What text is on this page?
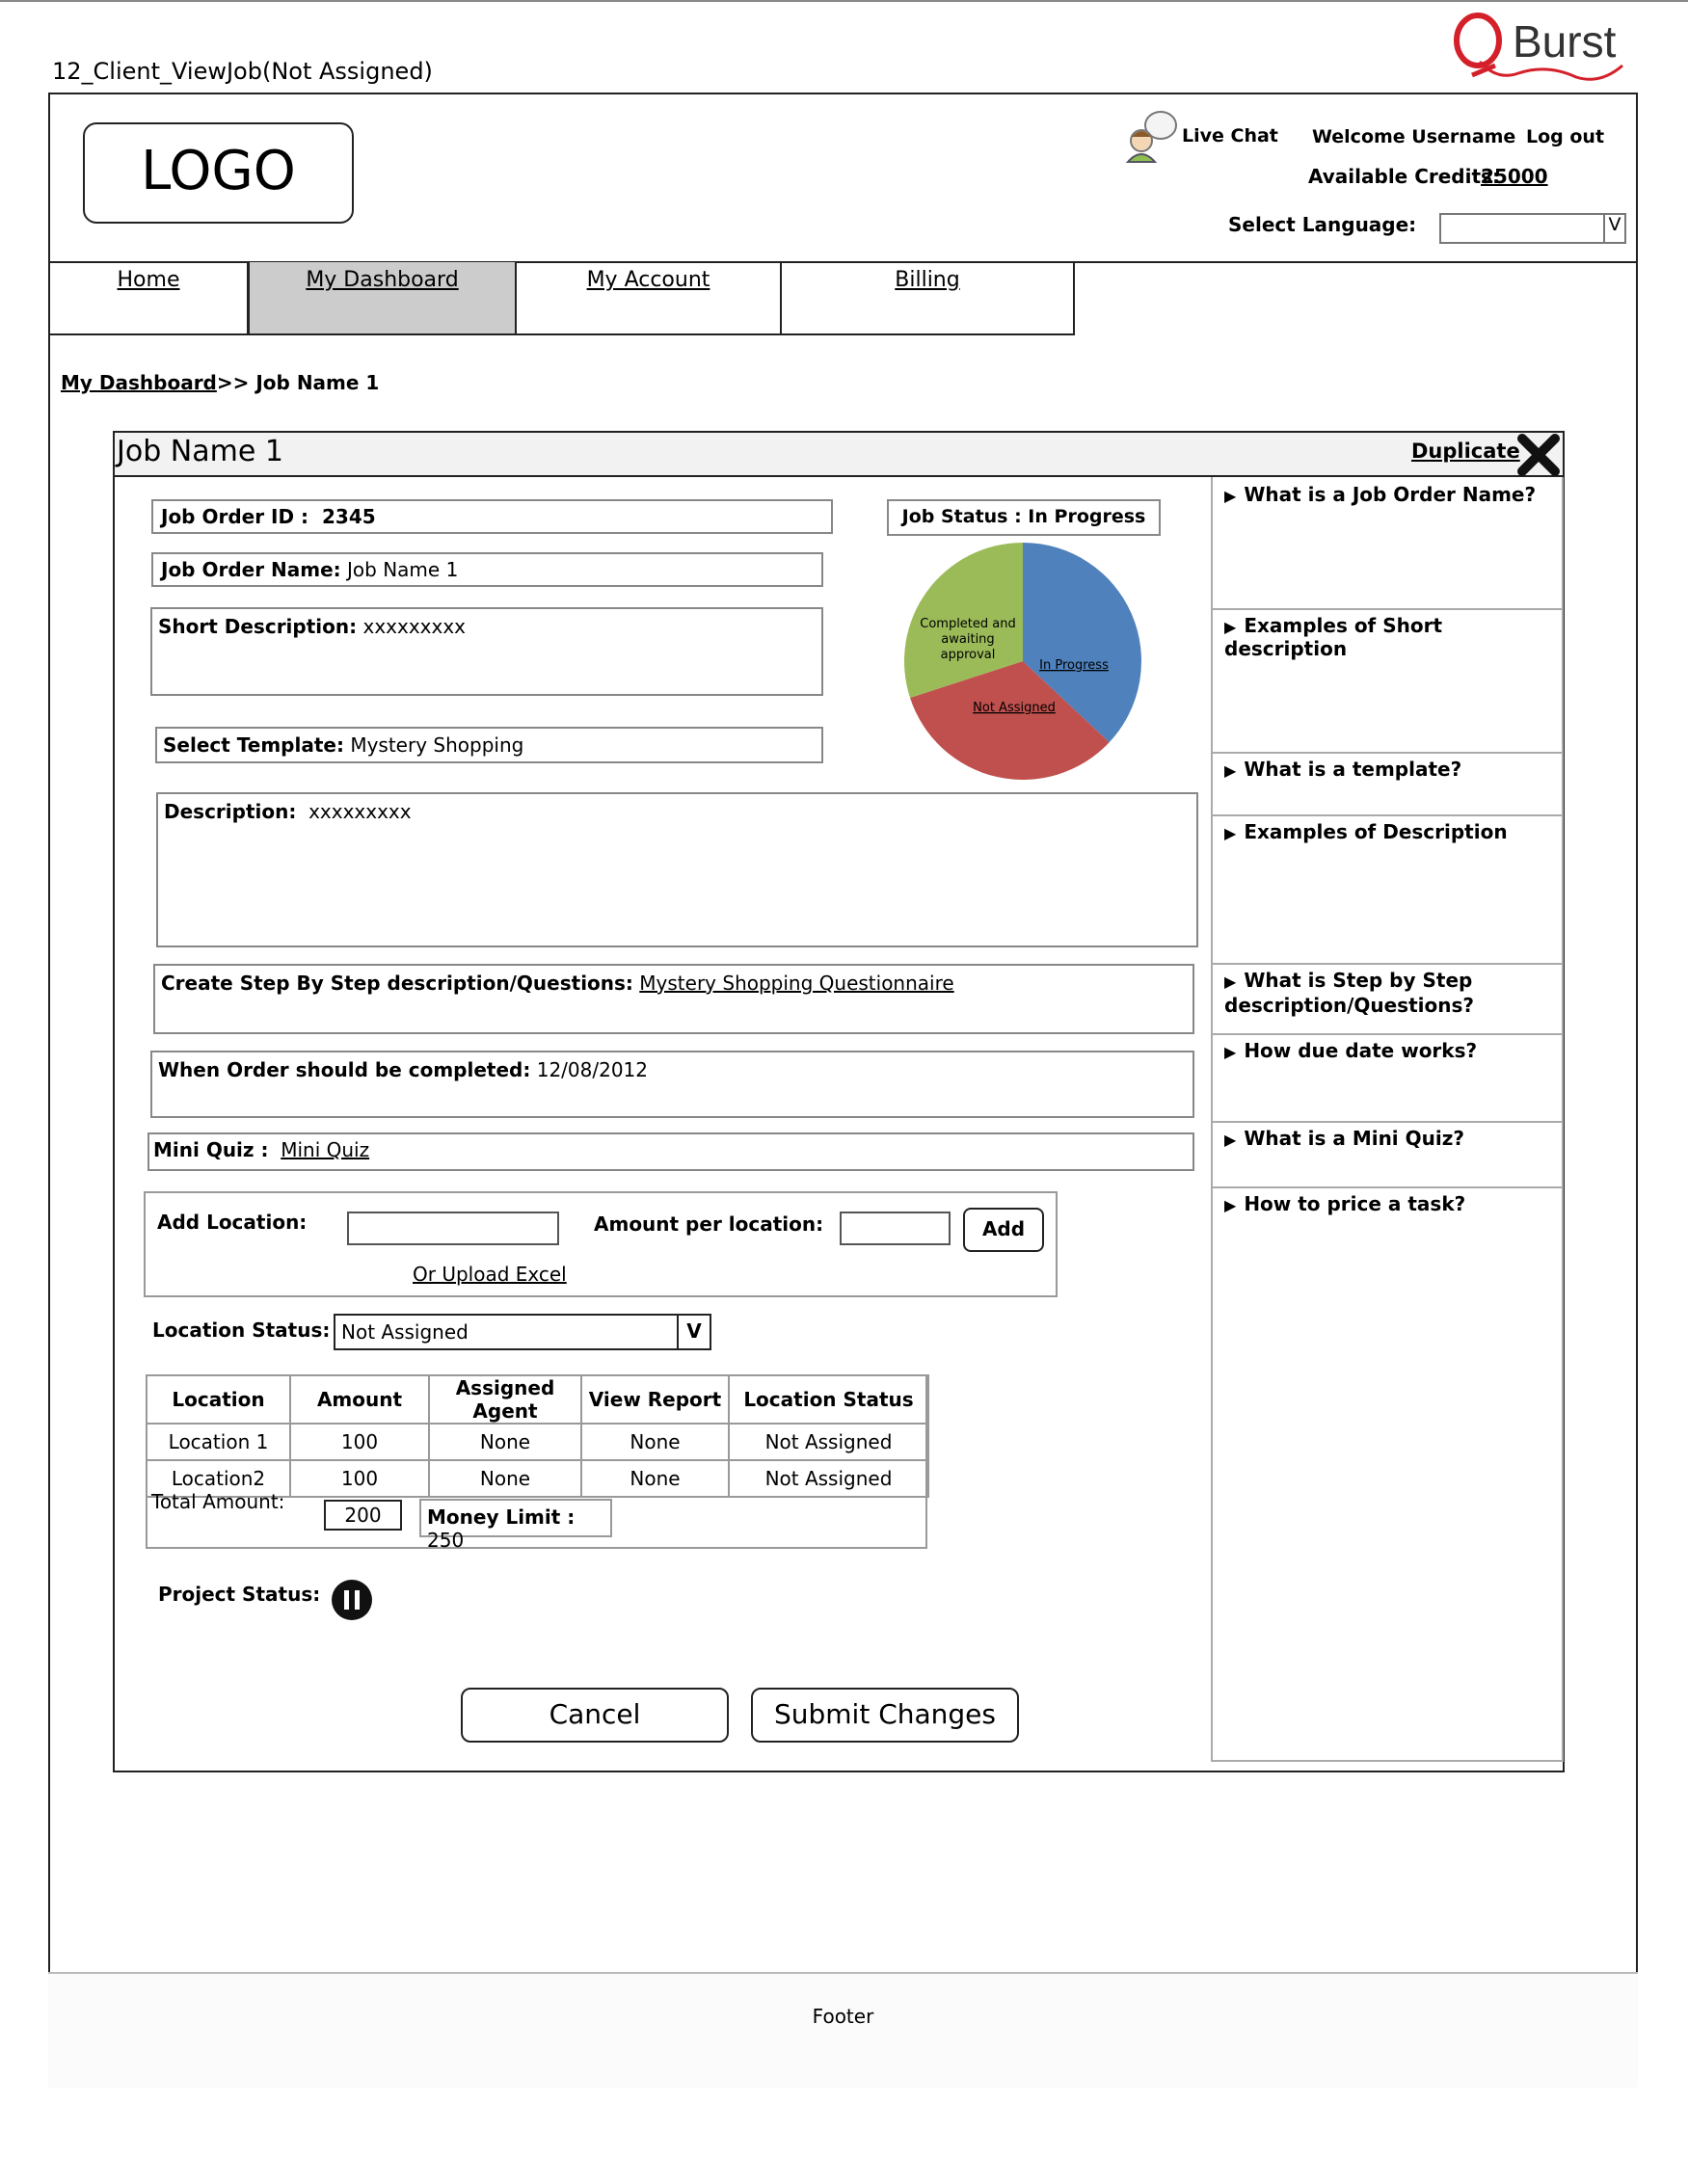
12_Client_ViewJob(Not Assigned)
Burst
LOGO
Live Chat Welcome Username Log out
Available Credits:
25000
Select Language:	V
Home	My Dashboard	My Account	Billing
My Dashboard>> Job Name 1
Job Name 1	Duplicate
Job Order ID : 2345
Job Order Name: Job Name 1
Short Description: xxxxxxxxx
Select Template: Mystery Shopping
Description: xxxxxxxxx
Create Step By Step description/Questions: Mystery Shopping Questionnaire
When Order should be completed: 12/08/2012
Mini Quiz : Mini Quiz
Job Status : In Progress
In Progress
Not Assigned
Completed and
awaiting
approval
▶ What is a Job Order Name?
▶ Examples of Short description
▶ What is a template?
▶ Examples of Description
▶ What is Step by Step description/Questions?
▶ How due date works?
▶ What is a Mini Quiz?
▶ How to price a task?
Add Location:	Amount per location:	Add
Or Upload Excel
Location Status: Not Assigned	V
Location	Amount	Assigned Agent	View Report	Location Status
Location 1	100	None	None	Not Assigned
Location2	100	None	None	Not Assigned
Total Amount:
200	Money Limit : 250
Project Status:
Cancel	Submit Changes
Footer
